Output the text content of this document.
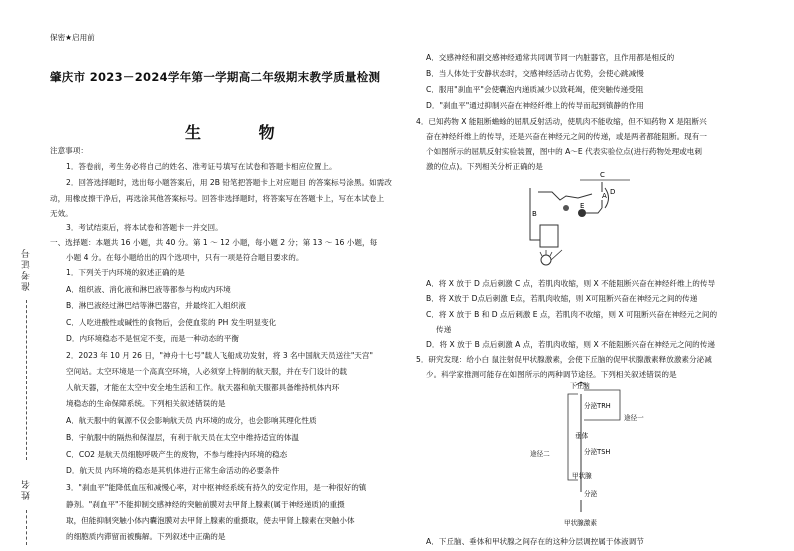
保密★启用前
肇庆市 2023－2024学年第一学期高二年级期末教学质量检测
生 物
准考证号
姓名
注意事项：
1．答卷前，考生务必将自己的姓名、准考证号填写在试卷和答题卡相应位置上。
2．回答选择题时，选出每小题答案后，用 2B 铅笔把答题卡上对应题目 的答案标号涂黑。如需改
动，用橡皮擦干净后，再选涂其他答案标号。回答非选择题时，将答案写在答题卡上，写在本试卷上
无效。
3．考试结束后，将本试卷和答题卡一并交回。
一、选择题：本题共 16 小题，共 40 分。第 1 ～ 12 小题，每小题 2 分；第 13 ～ 16 小题，每
小题 4 分。在每小题给出的四个选项中，只有一项是符合题目要求的。
1．下列关于内环境的叙述正确的是
A．组织液、消化液和淋巴液等都参与构成内环境
B．淋巴液经过淋巴结等淋巴器官，并最终汇入组织液
C．人吃进酸性或碱性的食物后，会使血浆的 PH 发生明显变化
D．内环境稳态不是恒定不变，而是一种动态的平衡
2．2023 年 10 月 26 日，"神舟十七号"载人飞船成功发射，将 3 名中国航天员送往"天宫"
空间站。太空环境是一个高真空环境，人必须穿上特制的航天服，并在专门设计的载
人航天器，才能在太空中安全地生活和工作。航天器和航天服都具备维持机体内环
境稳态的生命保障系统。下列相关叙述错误的是
A．航天服中的氧源不仅会影响航天员 内环境的成分，也会影响其理化性质
B．宇航服中的隔热和保湿层，有利于航天员在太空中维持适宜的体温
C．CO2 是航天员细胞呼吸产生的废物，不参与维持内环境的稳态
D．航天员 内环境的稳态是其机体进行正常生命活动的必要条件
3．"刹血平"能降低血压和减慢心率，对中枢神经系统有持久的安定作用，是一种很好的镇
静剂。"刹血平"不能抑制交感神经的突触前膜对去甲肾上腺素(属于神经递质)的重摄
取，但能抑制突触小体内囊泡膜对去甲肾上腺素的重摄取，使去甲肾上腺素在突触小体
的细胞质内滞留而被酶解。下列叙述中正确的是
A．交感神经和副交感神经通常共同调节同一内脏器官，且作用都是相反的
B．当人体处于安静状态时，交感神经活动占优势，会使心跳减慢
C．服用"刹血平"会使囊泡内递质减少以致耗竭，使突触传递受阻
D．"刹血平"通过抑制兴奋在神经纤维上的传导而起到镇静的作用
4．已知药物 X 能阻断蟾蜍的屈肌反射活动，使肌肉不能收缩，但不知药物 X 是阻断兴
奋在神经纤维上的传导，还是兴奋在神经元之间的传递，或是两者都能阻断。现有一
个如图所示的屈肌反射实验装置，图中的 A～E 代表实验位点(进行药物处理或电刺
激的位点)。下列相关分析正确的是
C
D
A
B
E
A．将 X 放于 D 点后刺激 C 点，若肌肉收缩，则 X 不能阻断兴奋在神经纤维上的传导
B．将 X放于 D点后刺激 E点，若肌肉收缩，则 X可阻断兴奋在神经元之间的传递
C．将 X 放于 B 和 D 点后刺激 E 点，若肌肉不收缩，则 X 可阻断兴奋在神经元之间的
传递
D．将 X 放于 B 点后刺激 A 点，若肌肉收缩，则 X 不能阻断兴奋在神经元之间的传递
5．研究发现：给小白 鼠注射促甲状腺激素，会使下丘脑的促甲状腺激素释放激素分泌减
少。科学家推测可能存在如图所示的两种调节途径。下列相关叙述错误的是
下丘脑
分泌TRH
途径一
垂体
途径二	分泌TSH
甲状腺
分泌
甲状腺激素
A．下丘脑、垂体和甲状腺之间存在的这种分层调控属于体液调节
